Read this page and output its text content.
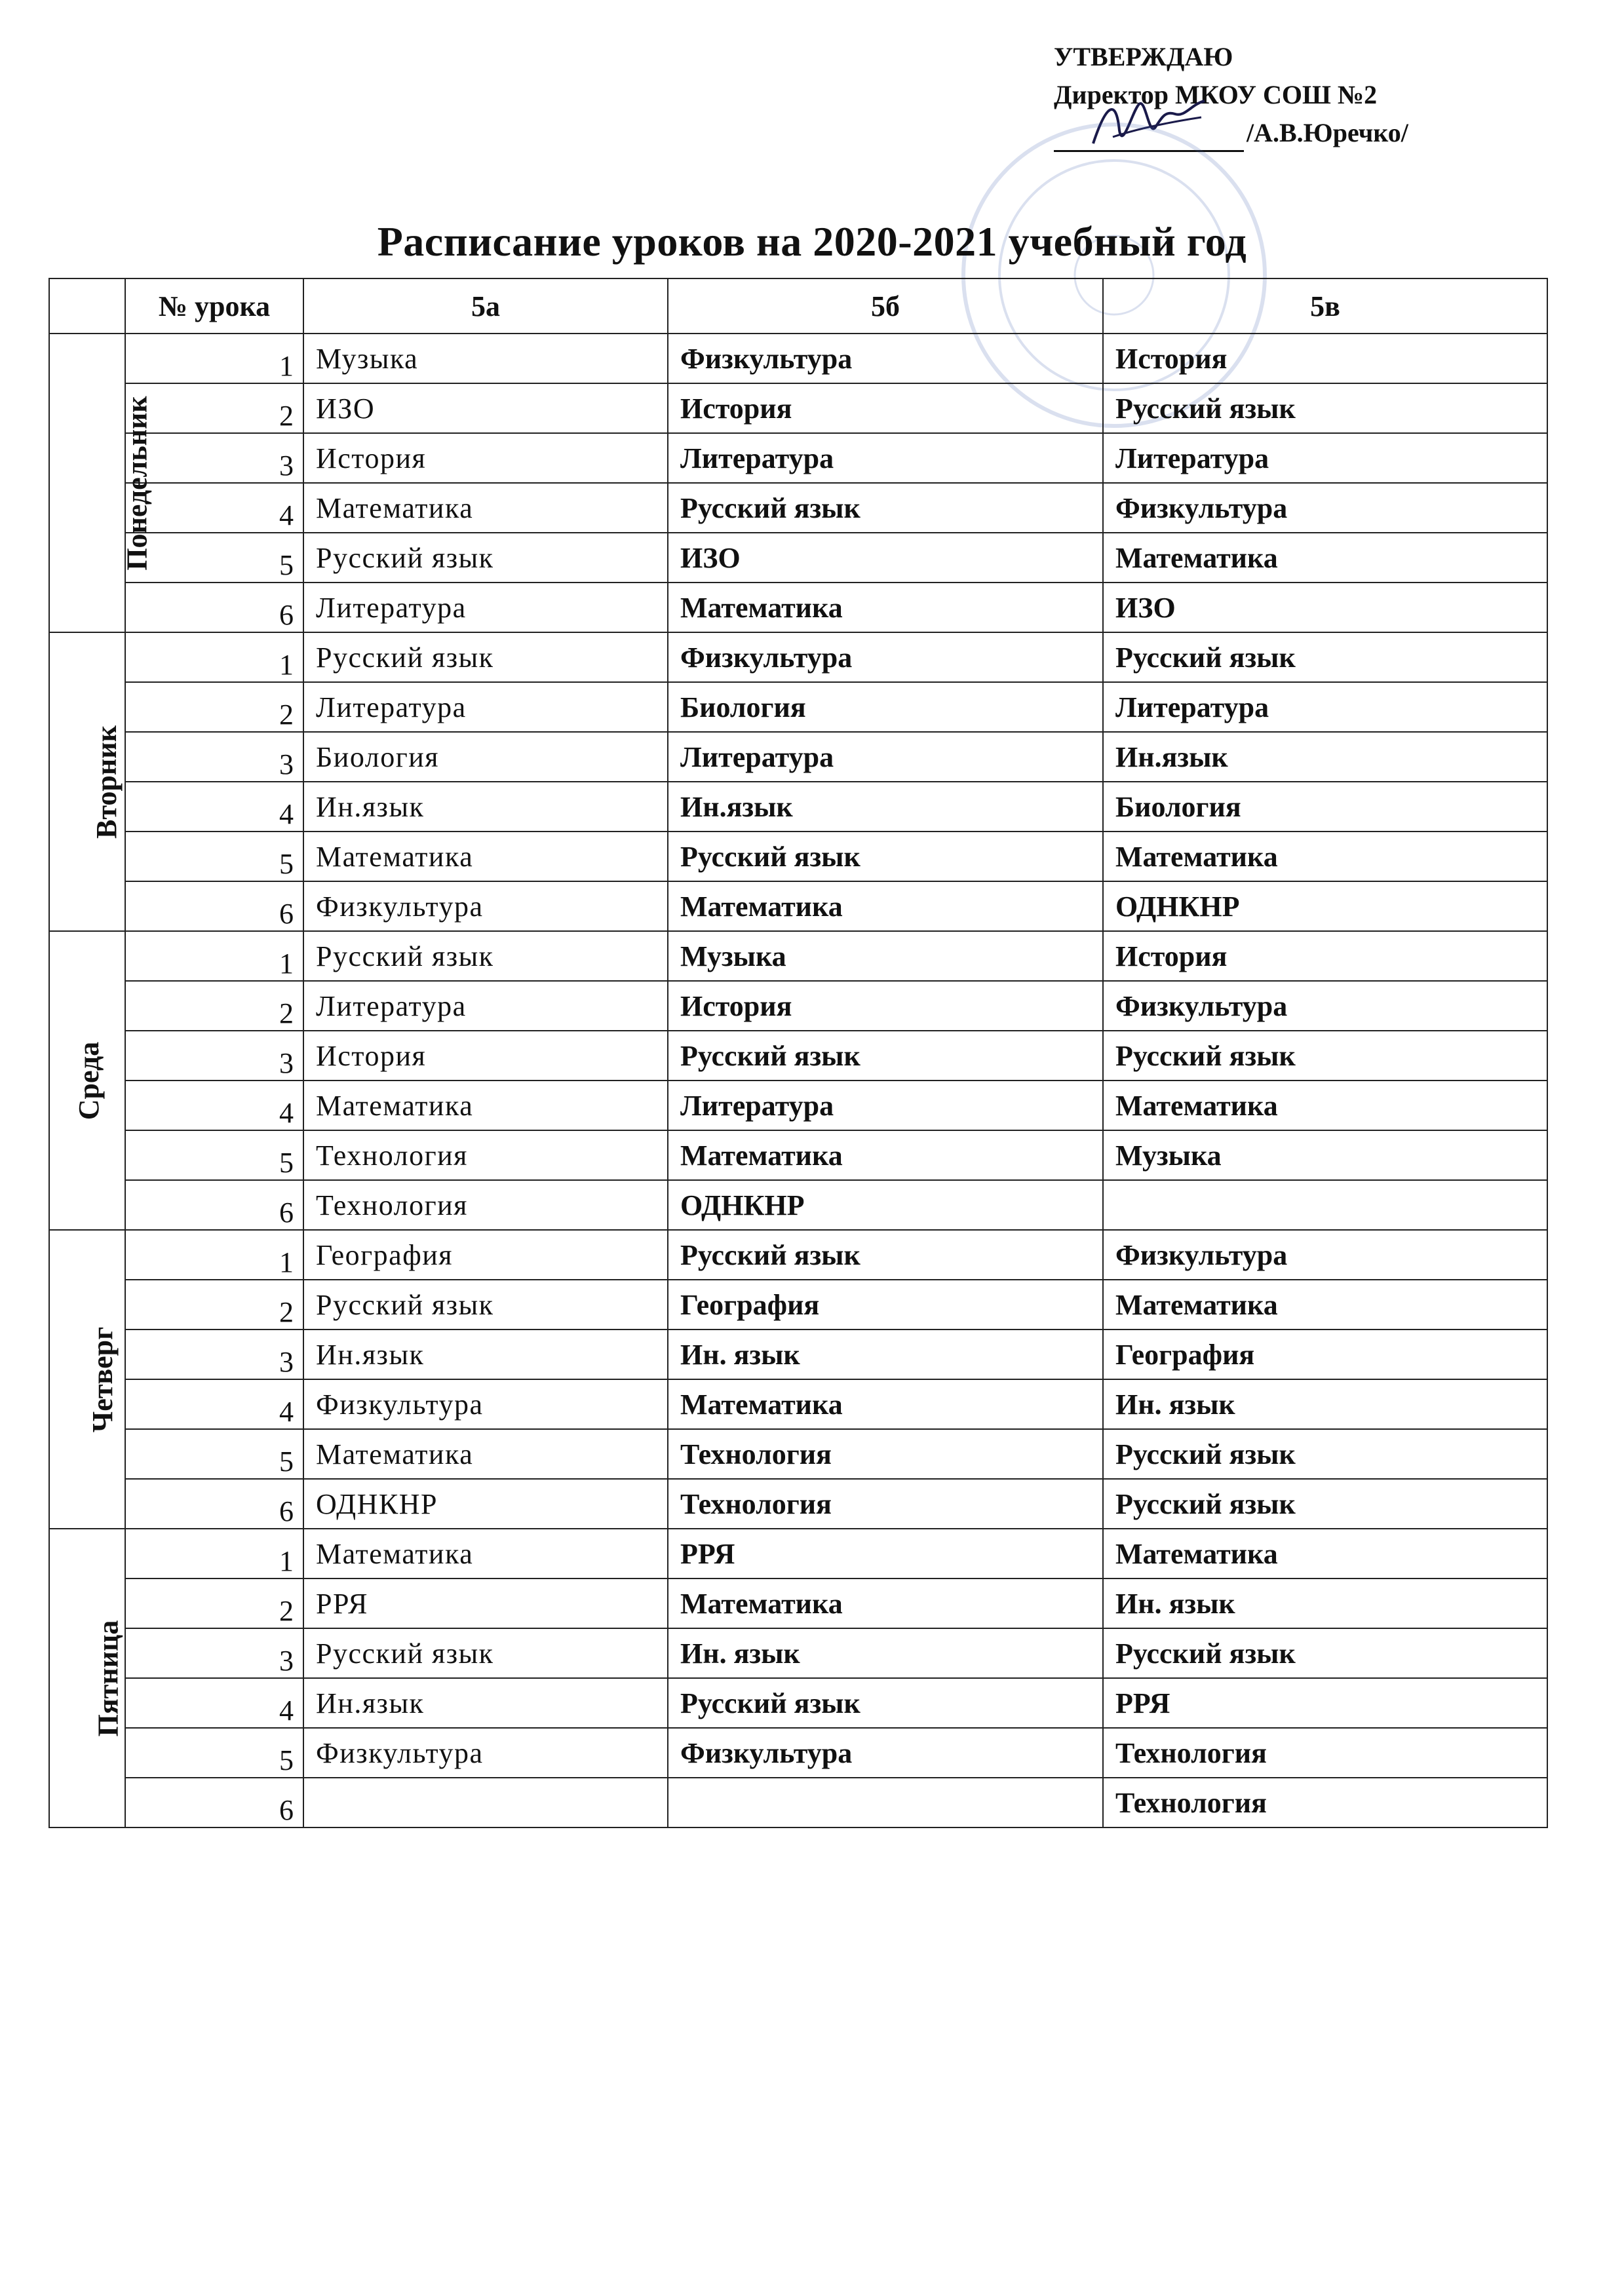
УТВЕРЖДАЮ
Директор МКОУ СОШ №2
/А.В.Юречко/
Расписание уроков на 2020-2021 учебный год
	№ урока	5а	5б	5в
Понедельник	1	Музыка	Физкультура	История
	2	ИЗО	История	Русский язык
	3	История	Литература	Литература
	4	Математика	Русский язык	Физкультура
	5	Русский язык	ИЗО	Математика
	6	Литература	Математика	ИЗО
Вторник	1	Русский язык	Физкультура	Русский язык
	2	Литература	Биология	Литература
	3	Биология	Литература	Ин.язык
	4	Ин.язык	Ин.язык	Биология
	5	Математика	Русский язык	Математика
	6	Физкультура	Математика	ОДНКНР
Среда	1	Русский язык	Музыка	История
	2	Литература	История	Физкультура
	3	История	Русский язык	Русский язык
	4	Математика	Литература	Математика
	5	Технология	Математика	Музыка
	6	Технология	ОДНКНР	
Четверг	1	География	Русский язык	Физкультура
	2	Русский язык	География	Математика
	3	Ин.язык	Ин. язык	География
	4	Физкультура	Математика	Ин. язык
	5	Математика	Технология	Русский язык
	6	ОДНКНР	Технология	Русский язык
Пятница	1	Математика	РРЯ	Математика
	2	РРЯ	Математика	Ин. язык
	3	Русский язык	Ин. язык	Русский язык
	4	Ин.язык	Русский язык	РРЯ
	5	Физкультура	Физкультура	Технология
	6			Технология
